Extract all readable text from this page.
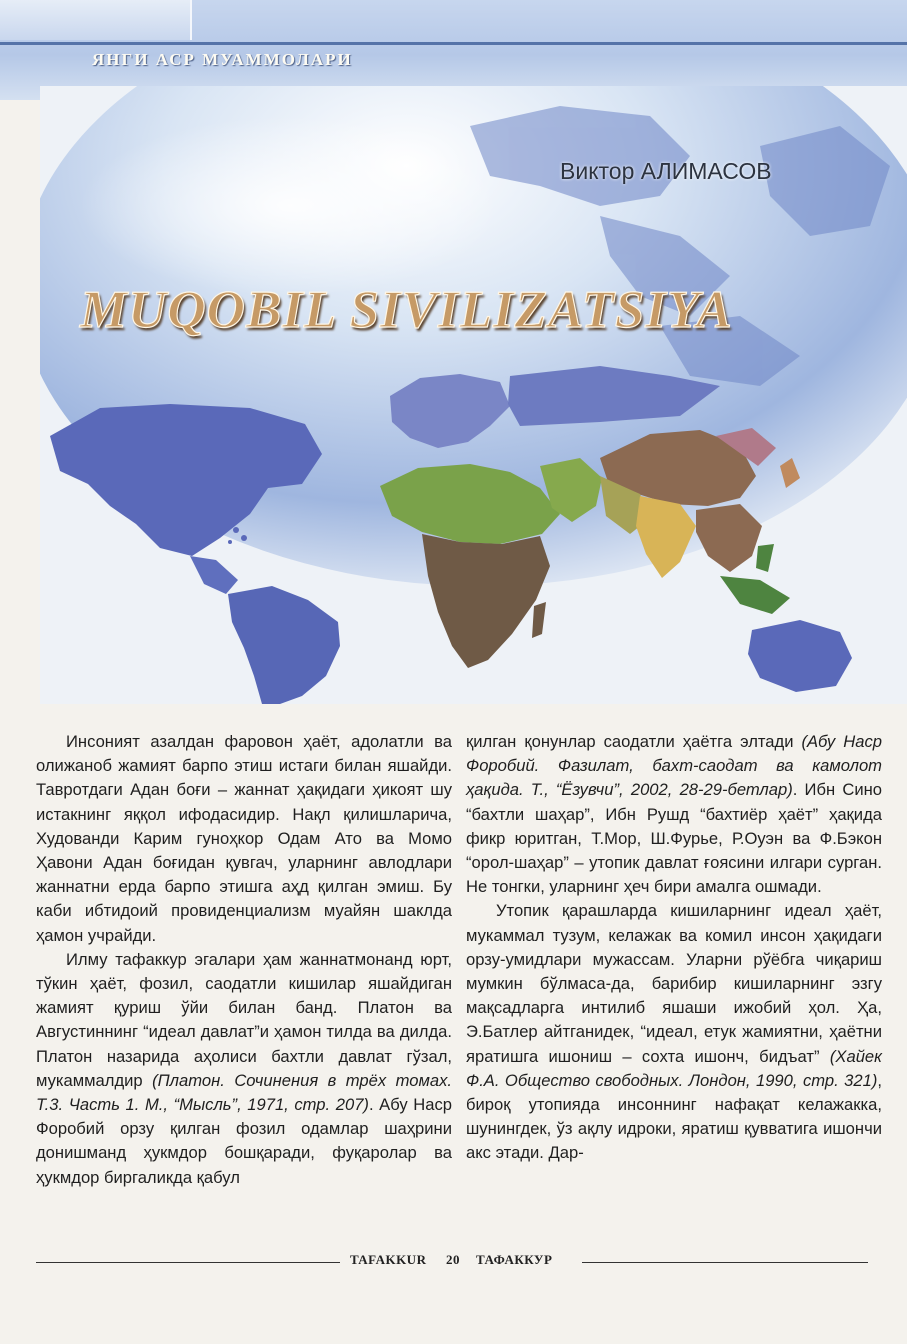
ЯНГИ АСР МУАММОЛАРИ
Виктор АЛИМАСОВ
MUQOBIL SIVILIZATSIYA

Инсоният азалдан фаровон ҳаёт, адолатли ва олижаноб жамият барпо этиш истаги билан яшайди. Тавротдаги Адан боғи – жаннат ҳақидаги ҳикоят шу истакнинг яққол ифодасидир. Нақл қилишларича, Худованди Карим гуноҳкор Одам Ато ва Момо Ҳавони Адан боғидан қувгач, уларнинг авлодлари жаннатни ерда барпо этишга аҳд қилган эмиш. Бу каби ибтидоий провиденциализм муайян шаклда ҳамон учрайди.

Илму тафаккур эгалари ҳам жаннатмонанд юрт, тўкин ҳаёт, фозил, саодатли кишилар яшайдиган жамият қуриш ўйи билан банд. Платон ва Августиннинг “идеал давлат”и ҳамон тилда ва дилда. Платон назарида аҳолиси бахтли давлат гўзал, мукаммалдир (Платон. Сочинения в трёх томах. Т.3. Часть 1. М., “Мысль”, 1971, стр. 207). Абу Наср Форобий орзу қилган фозил одамлар шаҳрини донишманд ҳукмдор бошқаради, фуқаролар ва ҳукмдор биргаликда қабул

қилган қонунлар саодатли ҳаётга элтади (Абу Наср Форобий. Фазилат, бахт-саодат ва камолот ҳақида. Т., “Ёзувчи”, 2002, 28-29-бетлар). Ибн Сино “бахтли шаҳар”, Ибн Рушд “бахтиёр ҳаёт” ҳақида фикр юритган, Т.Мор, Ш.Фурье, Р.Оуэн ва Ф.Бэкон “орол-шаҳар” – утопик давлат ғоясини илгари сурган. Не тонгки, уларнинг ҳеч бири амалга ошмади.

Утопик қарашларда кишиларнинг идеал ҳаёт, мукаммал тузум, келажак ва комил инсон ҳақидаги орзу-умидлари мужассам. Уларни рўёбга чиқариш мумкин бўлмаса-да, барибир кишиларнинг эзгу мақсадларга интилиб яшаши ижобий ҳол. Ҳа, Э.Батлер айтганидек, “идеал, етук жамиятни, ҳаётни яратишга ишониш – сохта ишонч, бидъат” (Хайек Ф.А. Общество свободных. Лондон, 1990, стр. 321), бироқ утопияда инсоннинг нафақат келажакка, шунингдек, ўз ақлу идроки, яратиш қувватига ишончи акс этади. Дар-

TAFAKKUR	20	ТАФАККУР
